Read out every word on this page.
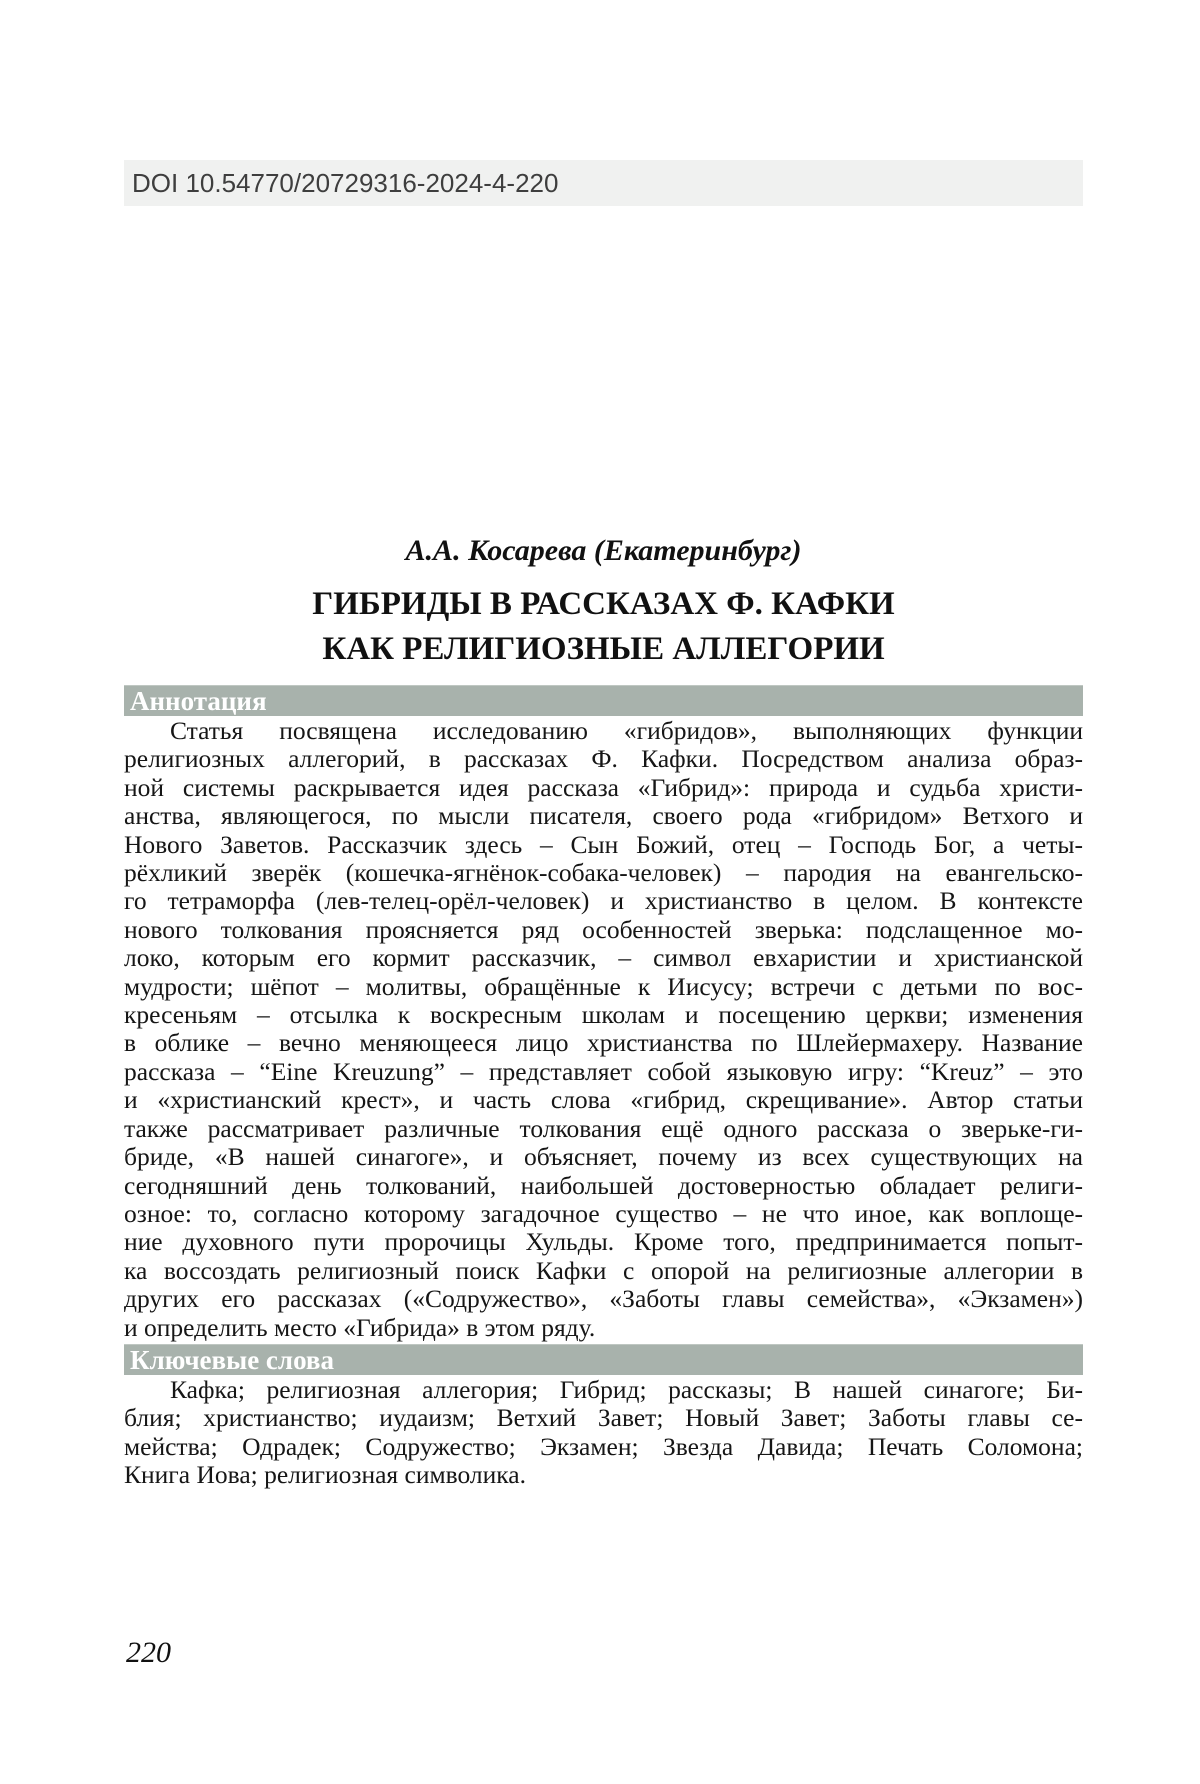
DOI 10.54770/20729316-2024-4-220
А.А. Косарева (Екатеринбург)
ГИБРИДЫ В РАССКАЗАХ Ф. КАФКИ
КАК РЕЛИГИОЗНЫЕ АЛЛЕГОРИИ
Аннотация
Статья посвящена исследованию «гибридов», выполняющих функции
религиозных аллегорий, в рассказах Ф. Кафки. Посредством анализа образ-
ной системы раскрывается идея рассказа «Гибрид»: природа и судьба христи-
анства, являющегося, по мысли писателя, своего рода «гибридом» Ветхого и
Нового Заветов. Рассказчик здесь – Сын Божий, отец – Господь Бог, а четы-
рёхликий зверёк (кошечка-ягнёнок-собака-человек) – пародия на евангельско-
го тетраморфа (лев-телец-орёл-человек) и христианство в целом. В контексте
нового толкования проясняется ряд особенностей зверька: подслащенное мо-
локо, которым его кормит рассказчик, – символ евхаристии и христианской
мудрости; шёпот – молитвы, обращённые к Иисусу; встречи с детьми по вос-
кресеньям – отсылка к воскресным школам и посещению церкви; изменения
в облике – вечно меняющееся лицо христианства по Шлейермахеру. Название
рассказа – “Eine Kreuzung” – представляет собой языковую игру: “Kreuz” – это
и «христианский крест», и часть слова «гибрид, скрещивание». Автор статьи
также рассматривает различные толкования ещё одного рассказа о зверьке-ги-
бриде, «В нашей синагоге», и объясняет, почему из всех существующих на
сегодняшний день толкований, наибольшей достоверностью обладает религи-
озное: то, согласно которому загадочное существо – не что иное, как воплоще-
ние духовного пути пророчицы Хульды. Кроме того, предпринимается попыт-
ка воссоздать религиозный поиск Кафки с опорой на религиозные аллегории в
других его рассказах («Содружество», «Заботы главы семейства», «Экзамен»)
и определить место «Гибрида» в этом ряду.
Ключевые слова
Кафка; религиозная аллегория; Гибрид; рассказы; В нашей синагоге; Би-
блия; христианство; иудаизм; Ветхий Завет; Новый Завет; Заботы главы се-
мейства; Одрадек; Содружество; Экзамен; Звезда Давида; Печать Соломона;
Книга Иова; религиозная символика.
220
